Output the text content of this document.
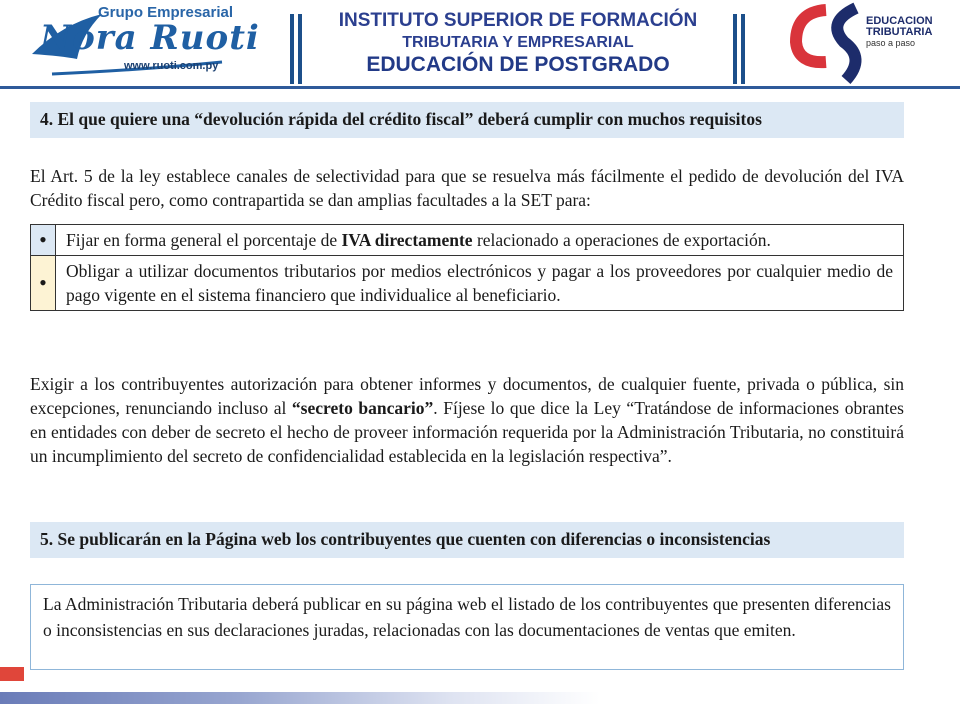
Grupo Empresarial
Nora Ruoti
www.ruoti.com.py
INSTITUTO SUPERIOR DE FORMACIÓN
TRIBUTARIA Y EMPRESARIAL
EDUCACIÓN DE POSTGRADO
EDUCACION
TRIBUTARIA
paso a paso
4. El que quiere una “devolución rápida del crédito fiscal” deberá cumplir con muchos requisitos
El Art. 5 de la ley establece canales de selectividad para que se resuelva más fácilmente el pedido de devolución del IVA Crédito fiscal pero, como contrapartida se dan amplias facultades a la SET para:
•	Fijar en forma general el porcentaje de IVA directamente relacionado a operaciones de exportación.
•	Obligar a utilizar documentos tributarios por medios electrónicos y pagar a los proveedores por cualquier medio de pago vigente en el sistema financiero que individualice al beneficiario.
Exigir a los contribuyentes autorización para obtener informes y documentos, de cualquier fuente, privada o pública, sin excepciones, renunciando incluso al “secreto bancario”. Fíjese lo que dice la Ley “Tratándose de informaciones obrantes en entidades con deber de secreto el hecho de proveer información requerida por la Administración Tributaria, no constituirá un incumplimiento del secreto de confidencialidad establecida en la legislación respectiva”.
5. Se publicarán en la Página web los contribuyentes que cuenten con diferencias o inconsistencias
La Administración Tributaria deberá publicar en su página web el listado de los contribuyentes que presenten diferencias o inconsistencias en sus declaraciones juradas, relacionadas con las documentaciones de ventas que emiten.
